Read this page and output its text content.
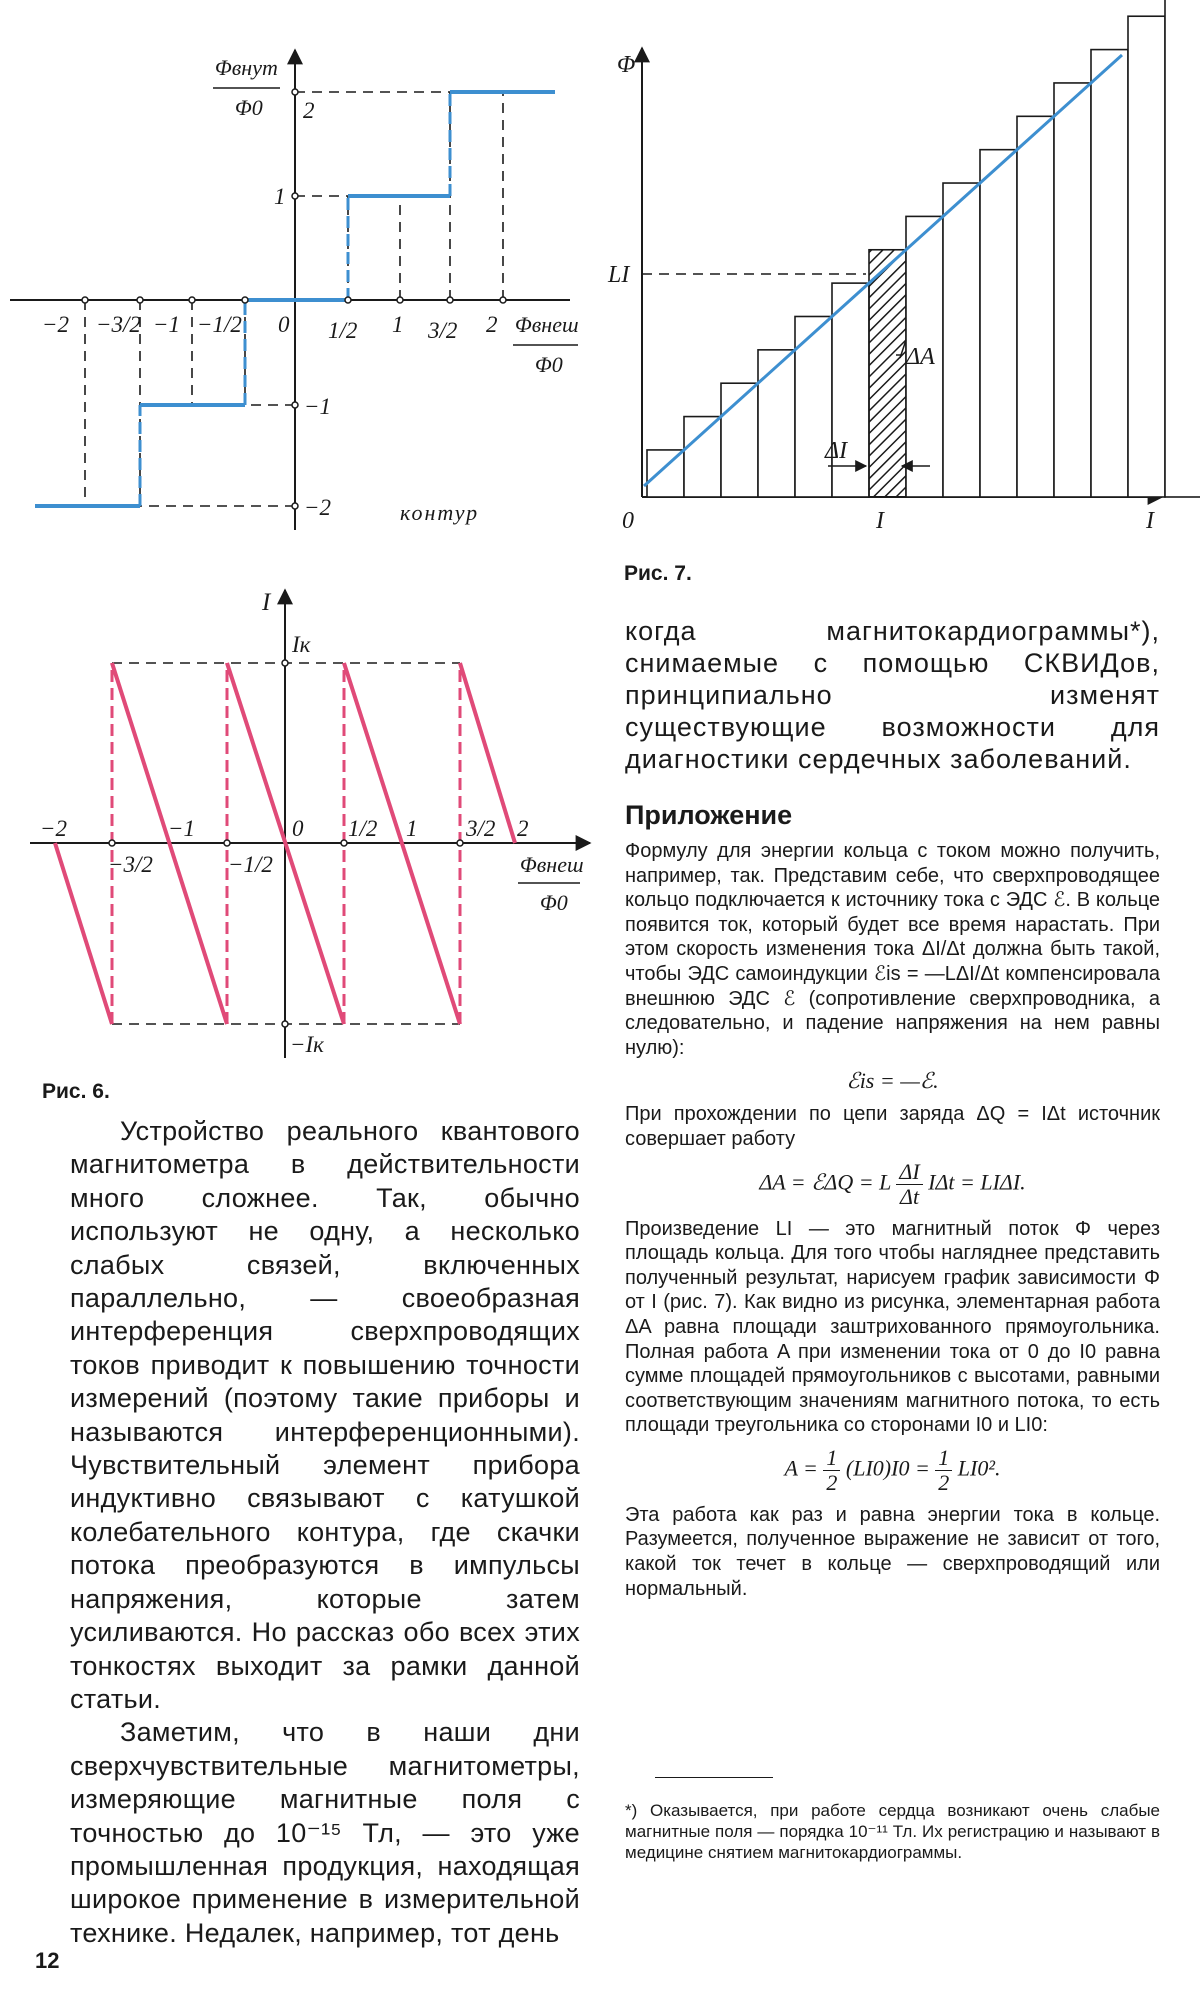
−2 −3/2 −1 −1/2 0 1/2 1 3/2 2
2
1
−1
−2
Φвнут
Φ0
Φвнеш
Φ0
контур
I
Iк
−Iк
−2
−3/2
−1
−1/2
0 1/2 1 3/2 2
Φвнеш
Φ0
Рис. 6.
ΔA
ΔI
Φ
LI
0	I	I
Рис. 7.
когда магнитокардиограммы*), снимаемые с помощью СКВИДов, принципиально изменят существующие возможности для диагностики сердечных заболеваний.
Приложение

Формулу для энергии кольца с током можно получить, например, так. Представим себе, что сверхпроводящее кольцо подключается к источнику тока с ЭДС ℰ. В кольце появится ток, который будет все время нарастать. При этом скорость изменения тока ΔI/Δt должна быть такой, чтобы ЭДС самоиндукции ℰis = —LΔI/Δt компенсировала внешнюю ЭДС ℰ (сопротивление сверхпроводника, а следовательно, и падение напряжения на нем равны нулю):

ℰis = —ℰ.

При прохождении по цепи заряда ΔQ = IΔt источник совершает работу

ΔA = ℰΔQ = L $\frac{\Delta I}{\Delta t}$ IΔt = LIΔI.

Произведение LI — это магнитный поток Φ через площадь кольца. Для того чтобы нагляднее представить полученный результат, нарисуем график зависимости Φ от I (рис. 7). Как видно из рисунка, элементарная работа ΔA равна площади заштрихованного прямоугольника. Полная работа A при изменении тока от 0 до I0 равна сумме площадей прямоугольников с высотами, равными соответствующим значениям магнитного потока, то есть площади треугольника со сторонами I0 и LI0:

$A = \frac{1}{2} (LI0)I0 = \frac{1}{2} LI0^2$.

Эта работа как раз и равна энергии тока в кольце. Разумеется, полученное выражение не зависит от того, какой ток течет в кольце — сверхпроводящий или нормальный.

*) Оказывается, при работе сердца возникают очень слабые магнитные поля — порядка 10⁻¹¹ Тл. Их регистрацию и называют в медицине снятием магнитокардиограммы.

Устройство реального квантового магнитометра в действительности много сложнее. Так, обычно используют не одну, а несколько слабых связей, включенных параллельно, — своеобразная интерференция сверхпроводящих токов приводит к повышению точности измерений (поэтому такие приборы и называются интерференционными). Чувствительный элемент прибора индуктивно связывают с катушкой колебательного контура, где скачки потока преобразуются в импульсы напряжения, которые затем усиливаются. Но рассказ обо всех этих тонкостях выходит за рамки данной статьи.

Заметим, что в наши дни сверхчувствительные магнитометры, измеряющие магнитные поля с точностью до 10⁻¹⁵ Тл, — это уже промышленная продукция, находящая широкое применение в измерительной технике. Недалек, например, тот день

12
